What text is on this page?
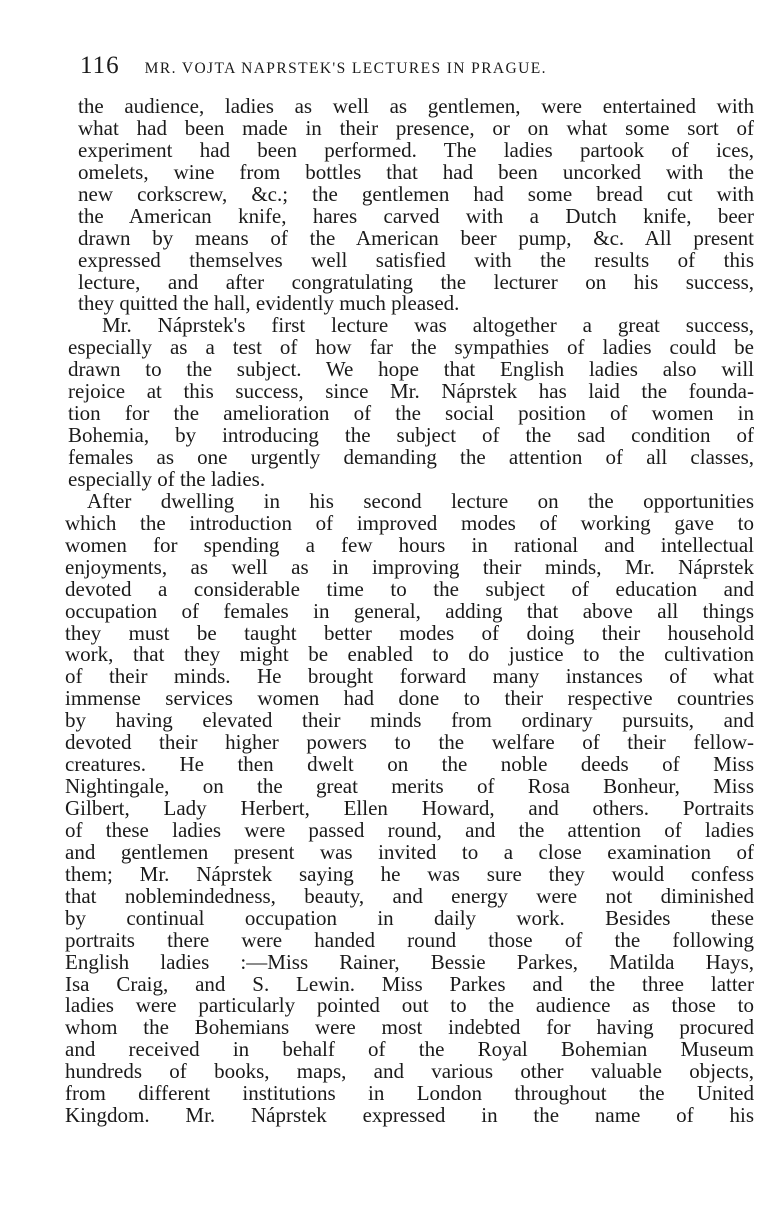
116 MR. VOJTA NAPRSTEK'S LECTURES IN PRAGUE.
the audience, ladies as well as gentlemen, were entertained with
what had been made in their presence, or on what some sort of
experiment had been performed. The ladies partook of ices,
omelets, wine from bottles that had been uncorked with the
new corkscrew, &c.; the gentlemen had some bread cut with
the American knife, hares carved with a Dutch knife, beer
drawn by means of the American beer pump, &c. All present
expressed themselves well satisfied with the results of this
lecture, and after congratulating the lecturer on his success,
they quitted the hall, evidently much pleased.
Mr. Náprstek's first lecture was altogether a great success,
especially as a test of how far the sympathies of ladies could be
drawn to the subject. We hope that English ladies also will
rejoice at this success, since Mr. Náprstek has laid the founda-
tion for the amelioration of the social position of women in
Bohemia, by introducing the subject of the sad condition of
females as one urgently demanding the attention of all classes,
especially of the ladies.
After dwelling in his second lecture on the opportunities
which the introduction of improved modes of working gave to
women for spending a few hours in rational and intellectual
enjoyments, as well as in improving their minds, Mr. Náprstek
devoted a considerable time to the subject of education and
occupation of females in general, adding that above all things
they must be taught better modes of doing their household
work, that they might be enabled to do justice to the cultivation
of their minds. He brought forward many instances of what
immense services women had done to their respective countries
by having elevated their minds from ordinary pursuits, and
devoted their higher powers to the welfare of their fellow-
creatures. He then dwelt on the noble deeds of Miss
Nightingale, on the great merits of Rosa Bonheur, Miss
Gilbert, Lady Herbert, Ellen Howard, and others. Portraits
of these ladies were passed round, and the attention of ladies
and gentlemen present was invited to a close examination of
them; Mr. Náprstek saying he was sure they would confess
that noblemindedness, beauty, and energy were not diminished
by continual occupation in daily work. Besides these
portraits there were handed round those of the following
English ladies :—Miss Rainer, Bessie Parkes, Matilda Hays,
Isa Craig, and S. Lewin. Miss Parkes and the three latter
ladies were particularly pointed out to the audience as those to
whom the Bohemians were most indebted for having procured
and received in behalf of the Royal Bohemian Museum
hundreds of books, maps, and various other valuable objects,
from different institutions in London throughout the United
Kingdom. Mr. Náprstek expressed in the name of his
